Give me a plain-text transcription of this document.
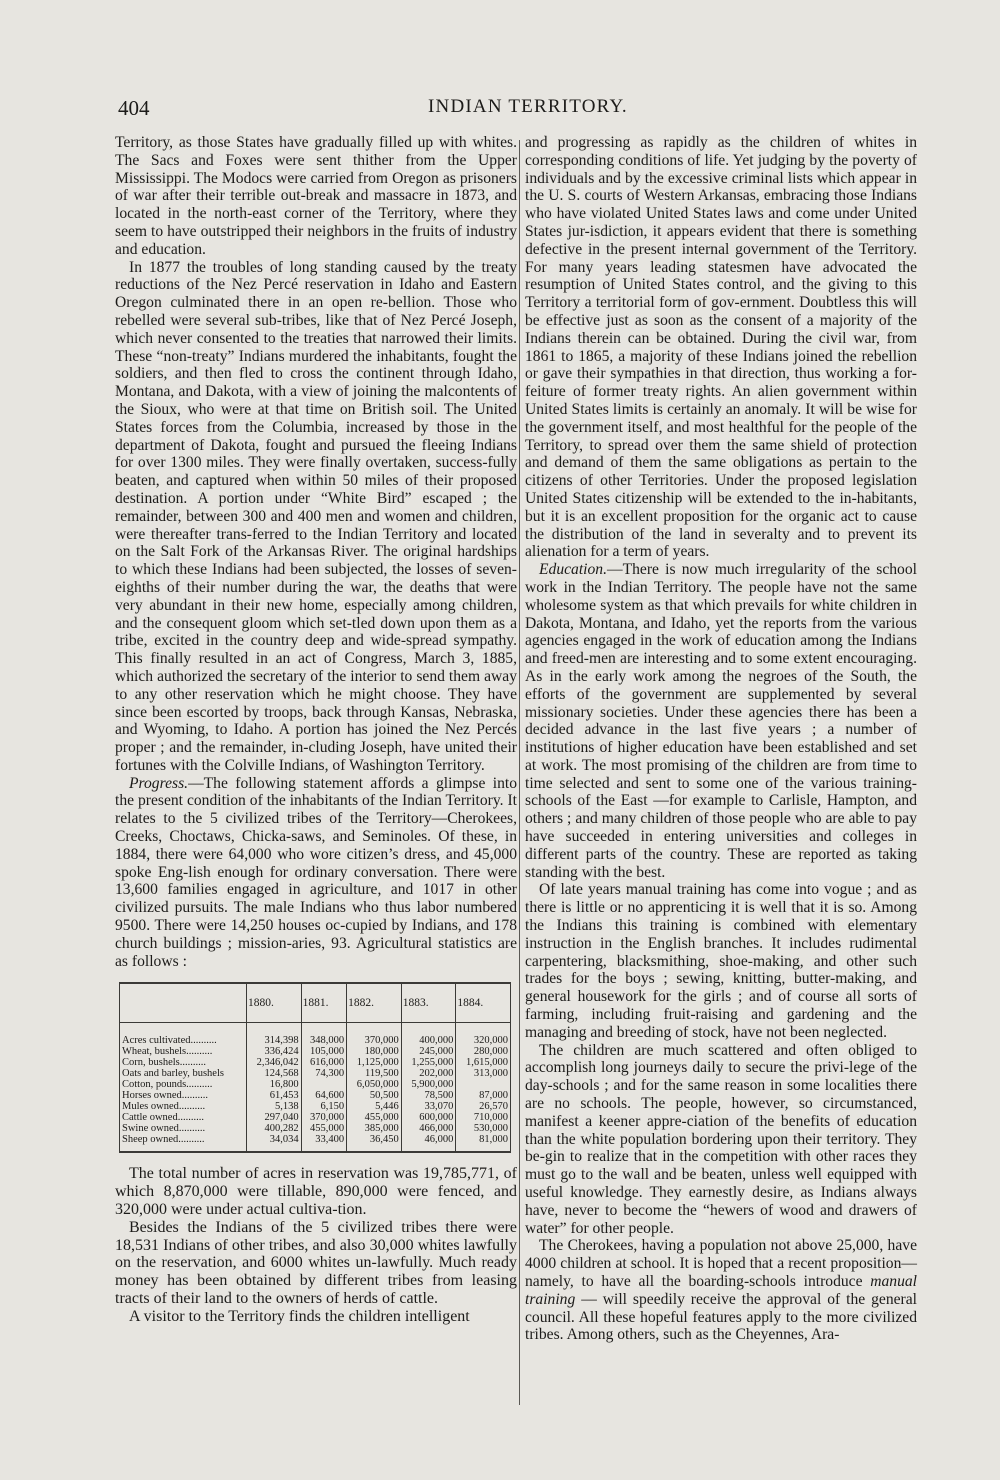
404	INDIAN TERRITORY.

Territory, as those States have gradually filled up with whites. The Sacs and Foxes were sent thither from the Upper Mississippi. The Modocs were carried from Oregon as prisoners of war after their terrible out-break and massacre in 1873, and located in the north-east corner of the Territory, where they seem to have outstripped their neighbors in the fruits of industry and education.

In 1877 the troubles of long standing caused by the treaty reductions of the Nez Percé reservation in Idaho and Eastern Oregon culminated there in an open re-bellion. Those who rebelled were several sub-tribes, like that of Nez Percé Joseph, which never consented to the treaties that narrowed their limits. These “non-treaty” Indians murdered the inhabitants, fought the soldiers, and then fled to cross the continent through Idaho, Montana, and Dakota, with a view of joining the malcontents of the Sioux, who were at that time on British soil. The United States forces from the Columbia, increased by those in the department of Dakota, fought and pursued the fleeing Indians for over 1300 miles. They were finally overtaken, success-fully beaten, and captured when within 50 miles of their proposed destination. A portion under “White Bird” escaped ; the remainder, between 300 and 400 men and women and children, were thereafter trans-ferred to the Indian Territory and located on the Salt Fork of the Arkansas River. The original hardships to which these Indians had been subjected, the losses of seven-eighths of their number during the war, the deaths that were very abundant in their new home, especially among children, and the consequent gloom which set-tled down upon them as a tribe, excited in the country deep and wide-spread sympathy. This finally resulted in an act of Congress, March 3, 1885, which authorized the secretary of the interior to send them away to any other reservation which he might choose. They have since been escorted by troops, back through Kansas, Nebraska, and Wyoming, to Idaho. A portion has joined the Nez Percés proper ; and the remainder, in-cluding Joseph, have united their fortunes with the Colville Indians, of Washington Territory.

Progress.—The following statement affords a glimpse into the present condition of the inhabitants of the Indian Territory. It relates to the 5 civilized tribes of the Territory—Cherokees, Creeks, Choctaws, Chicka-saws, and Seminoles. Of these, in 1884, there were 64,000 who wore citizen’s dress, and 45,000 spoke Eng-lish enough for ordinary conversation. There were 13,600 families engaged in agriculture, and 1017 in other civilized pursuits. The male Indians who thus labor numbered 9500. There were 14,250 houses oc-cupied by Indians, and 178 church buildings ; mission-aries, 93. Agricultural statistics are as follows :

	1880.	1881.	1882.	1883.	1884.

Acres cultivated..........	314,398	348,000	370,000	400,000	320,000
Wheat, bushels..........	336,424	105,000	180,000	245,000	280,000
Corn, bushels..........	2,346,042	616,000	1,125,000	1,255,000	1,615,000
Oats and barley, bushels	124,568	74,300	119,500	202,000	313,000
Cotton, pounds..........	16,800		6,050,000	5,900,000	
Horses owned..........	61,453	64,600	50,500	78,500	87,000
Mules owned..........	5,138	6,150	5,446	33,070	26,570
Cattle owned..........	297,040	370,000	455,000	600,000	710,000
Swine owned..........	400,282	455,000	385,000	466,000	530,000
Sheep owned..........	34,034	33,400	36,450	46,000	81,000

The total number of acres in reservation was 19,785,771, of which 8,870,000 were tillable, 890,000 were fenced, and 320,000 were under actual cultiva-tion.

Besides the Indians of the 5 civilized tribes there were 18,531 Indians of other tribes, and also 30,000 whites lawfully on the reservation, and 6000 whites un-lawfully. Much ready money has been obtained by different tribes from leasing tracts of their land to the owners of herds of cattle.

A visitor to the Territory finds the children intelligent

and progressing as rapidly as the children of whites in corresponding conditions of life. Yet judging by the poverty of individuals and by the excessive criminal lists which appear in the U. S. courts of Western Arkansas, embracing those Indians who have violated United States laws and come under United States jur-isdiction, it appears evident that there is something defective in the present internal government of the Territory. For many years leading statesmen have advocated the resumption of United States control, and the giving to this Territory a territorial form of gov-ernment. Doubtless this will be effective just as soon as the consent of a majority of the Indians therein can be obtained. During the civil war, from 1861 to 1865, a majority of these Indians joined the rebellion or gave their sympathies in that direction, thus working a for-feiture of former treaty rights. An alien government within United States limits is certainly an anomaly. It will be wise for the government itself, and most healthful for the people of the Territory, to spread over them the same shield of protection and demand of them the same obligations as pertain to the citizens of other Territories. Under the proposed legislation United States citizenship will be extended to the in-habitants, but it is an excellent proposition for the organic act to cause the distribution of the land in severalty and to prevent its alienation for a term of years.

Education.—There is now much irregularity of the school work in the Indian Territory. The people have not the same wholesome system as that which prevails for white children in Dakota, Montana, and Idaho, yet the reports from the various agencies engaged in the work of education among the Indians and freed-men are interesting and to some extent encouraging. As in the early work among the negroes of the South, the efforts of the government are supplemented by several missionary societies. Under these agencies there has been a decided advance in the last five years ; a number of institutions of higher education have been established and set at work. The most promising of the children are from time to time selected and sent to some one of the various training-schools of the East —for example to Carlisle, Hampton, and others ; and many children of those people who are able to pay have succeeded in entering universities and colleges in different parts of the country. These are reported as taking standing with the best.

Of late years manual training has come into vogue ; and as there is little or no apprenticing it is well that it is so. Among the Indians this training is combined with elementary instruction in the English branches. It includes rudimental carpentering, blacksmithing, shoe-making, and other such trades for the boys ; sewing, knitting, butter-making, and general housework for the girls ; and of course all sorts of farming, including fruit-raising and gardening and the managing and breeding of stock, have not been neglected.

The children are much scattered and often obliged to accomplish long journeys daily to secure the privi-lege of the day-schools ; and for the same reason in some localities there are no schools. The people, however, so circumstanced, manifest a keener appre-ciation of the benefits of education than the white population bordering upon their territory. They be-gin to realize that in the competition with other races they must go to the wall and be beaten, unless well equipped with useful knowledge. They earnestly desire, as Indians always have, never to become the “hewers of wood and drawers of water” for other people.

The Cherokees, having a population not above 25,000, have 4000 children at school. It is hoped that a recent proposition—namely, to have all the boarding-schools introduce manual training — will speedily receive the approval of the general council. All these hopeful features apply to the more civilized tribes. Among others, such as the Cheyennes, Ara-
